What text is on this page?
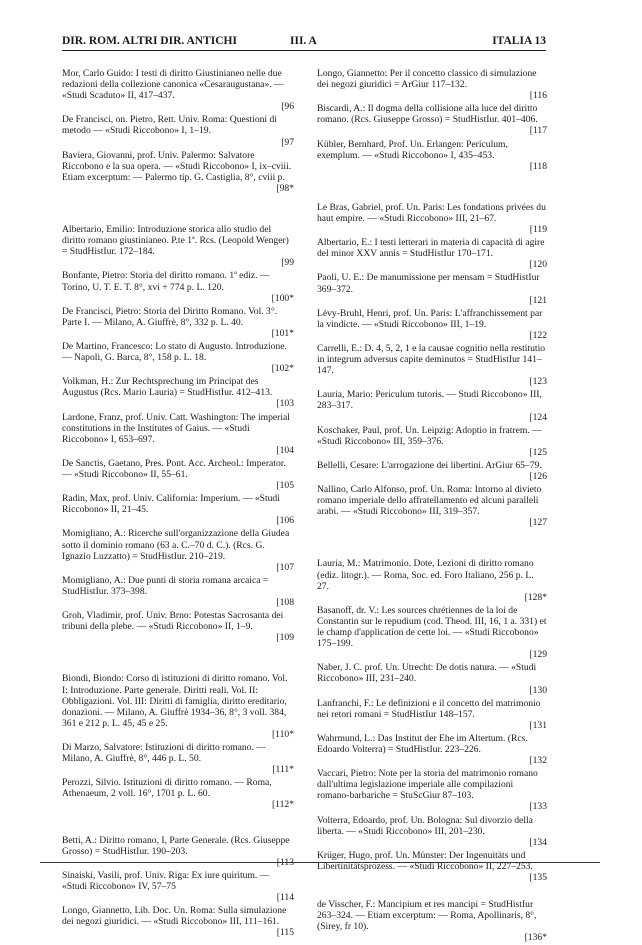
DIR. ROM. ALTRI DIR. ANTICHI	III. A	ITALIA 13
Mor, Carlo Guido: I testi di diritto Giustinianeo nelle due redazioni della collezione canonica «Cesaraugustana». — «Studi Scaduto» II, 417–437.
[96
De Francisci, on. Pietro, Rett. Univ. Roma: Questioni di metodo — «Studi Riccobono» I, 1–19.
[97
Baviera, Giovanni, prof. Univ. Palermo: Salvatore Riccobono e la sua opera. — «Studi Riccobono» I, ix–cviii. Etiam excerptum: — Palermo tip. G. Castiglia, 8°, cviii p.
[98*
Albertario, Emilio: Introduzione storica allo studio del diritto romano giustinianeo. P.te 1ª. Rcs. (Leopold Wenger) = StudHistIur. 172–184.
[99
Bonfante, Pietro: Storia del diritto romano. 1ª ediz. — Torino, U. T. E. T. 8°, xvi + 774 p. L. 120.
[100*
De Francisci, Pietro: Storia del Diritto Romano. Vol. 3°. Parte I. — Milano, A. Giuffrè, 8°, 332 p. L. 40.
[101*
De Martino, Francesco: Lo stato di Augusto. Introduzione. — Napoli, G. Barca, 8°, 158 p. L. 18.
[102*
Volkman, H.: Zur Rechtsprechung im Principat des Augustus (Rcs. Mario Lauria) = StudHistIur. 412–413.
[103
Lardone, Franz, prof. Univ. Catt. Washington: The imperial constitutions in the Institutes of Gaius. — «Studi Riccobono» I, 653–697.
[104
De Sanctis, Gaetano, Pres. Pont. Acc. Archeol.: Imperator. — «Studi Riccobono» II, 55–61.
[105
Radin, Max, prof. Univ. California: Imperium. — «Studi Riccobono» II, 21–45.
[106
Momigliano, A.: Ricerche sull'organizzazione della Giudea sotto il dominio romano (63 a. C.–70 d. C.). (Rcs. G. Ignazio Luzzatto) = StudHistIur. 210–219.
[107
Momigliano, A.: Due punti di storia romana arcaica = StudHistIur. 373–398.
[108
Groh, Vladimir, prof. Univ. Brno: Potestas Sacrosanta dei tribuni della plebe. — «Studi Riccobono» II, 1–9.
[109
Biondi, Biondo: Corso di istituzioni di diritto romano. Vol. I: Introduzione. Parte generale. Diritti reali. Vol. II: Obbligazioni. Vol. III: Diritti di famiglia, diritto ereditario, donazioni. — Milano, A. Giuffrè 1934–36, 8°, 3 voll. 384, 361 e 212 p. L. 45, 45 e 25.
[110*
Di Marzo, Salvatore: Istituzioni di diritto romano. — Milano, A. Giuffrè, 8°, 446 p. L. 50.
[111*
Perozzi, Silvio. Istituzioni di diritto romano. — Roma, Athenaeum, 2 voll. 16°, 1701 p. L. 60.
[112*
Betti, A.: Diritto romano, I, Parte Generale. (Rcs. Giuseppe Grosso) = StudHistIur. 190–203.
[113
Sinaiski, Vasili, prof. Univ. Riga: Ex iure quiritum. — «Studi Riccobono» IV, 57–75
[114
Longo, Giannetto, Lib. Doc. Un. Roma: Sulla simulazione dei negozi giuridici. — «Studi Riccobono» III, 111–161.
[115
Longo, Giannetto: Per il concetto classico di simulazione dei negozi giuridici = ArGiur 117–132.
[116
Biscardi, A.: Il dogma della collisione alla luce del diritto romano. (Rcs. Giuseppe Grosso) = StudHistIur. 401–406.
[117
Kübler, Bernhard, Prof. Un. Erlangen: Periculum, exemplum. — «Studi Riccobono» I, 435–453.
[118
Le Bras, Gabriel, prof. Un. Paris: Les fondations privées du haut empire. — «Studi Riccobono» III, 21–67.
[119
Albertario, E.: I testi letterari in materia di capacità di agire del minor XXV annis = StudHistIur 170–171.
[120
Paoli, U. E.: De manumissione per mensam = StudHistIur 369–372.
[121
Lévy-Bruhl, Henri, prof. Un. Paris: L'affranchissement par la vindicte. — «Studi Riccobono» III, 1–19.
[122
Carrelli, E.: D. 4, 5, 2, 1 e la causae cognitio nella restitutio in integrum adversus capite deminutos = StudHistIur 141–147.
[123
Lauria, Mario: Periculum tutoris. — Studi Riccobono» III, 283–317.
[124
Koschaker, Paul, prof. Un. Leipzig: Adoptio in fratrem. — «Studi Riccobono» III, 359–376.
[125
Bellelli, Cesare: L'arrogazione dei libertini. ArGiur 65–79.
[126
Nallino, Carlo Alfonso, prof. Un. Roma: Intorno al divieto romano imperiale dello affratellamento ed alcuni paralleli arabi. — «Studi Riccobono» III, 319–357.
[127
Lauria, M.: Matrimonio. Dote, Lezioni di diritto romano (ediz. litogr.). — Roma, Soc. ed. Foro Italiano, 256 p. L. 27.
[128*
Basanoff, dr. V.: Les sources chrétiennes de la loi de Constantin sur le repudium (cod. Theod. III, 16, 1 a. 331) et le champ d'application de cette loi. — «Studi Riccobono» 175–199.
[129
Naber, J. C. prof. Un. Utrecht: De dotis natura. — «Studi Riccobono» III, 231–240.
[130
Lanfranchi, F.: Le definizioni e il concetto del matrimonio nei retori romani = StudHistIur 148–157.
[131
Wahrmund, L.: Das Institut der Ehe im Altertum. (Rcs. Edoardo Volterra) = StudHistIur. 223–226.
[132
Vaccari, Pietro: Note per la storia del matrimonio romano dall'ultima legislazione imperiale alle compilazioni romano-barbariche = StuScGiur 87–103.
[133
Volterra, Edoardo, prof. Un. Bologna: Sul divorzio della liberta. — «Studi Riccobono» III, 201–230.
[134
Krüger, Hugo, prof. Un. Münster: Der Ingenuitäts und Libertinitätsprozess. — «Studi Riccobono» II, 227–253.
[135
de Visscher, F.: Mancipium et res mancipi = StudHistIur 263–324. — Etiam excerptum: — Roma, Apollinaris, 8°, (Sirey, fr 10).
[136*
